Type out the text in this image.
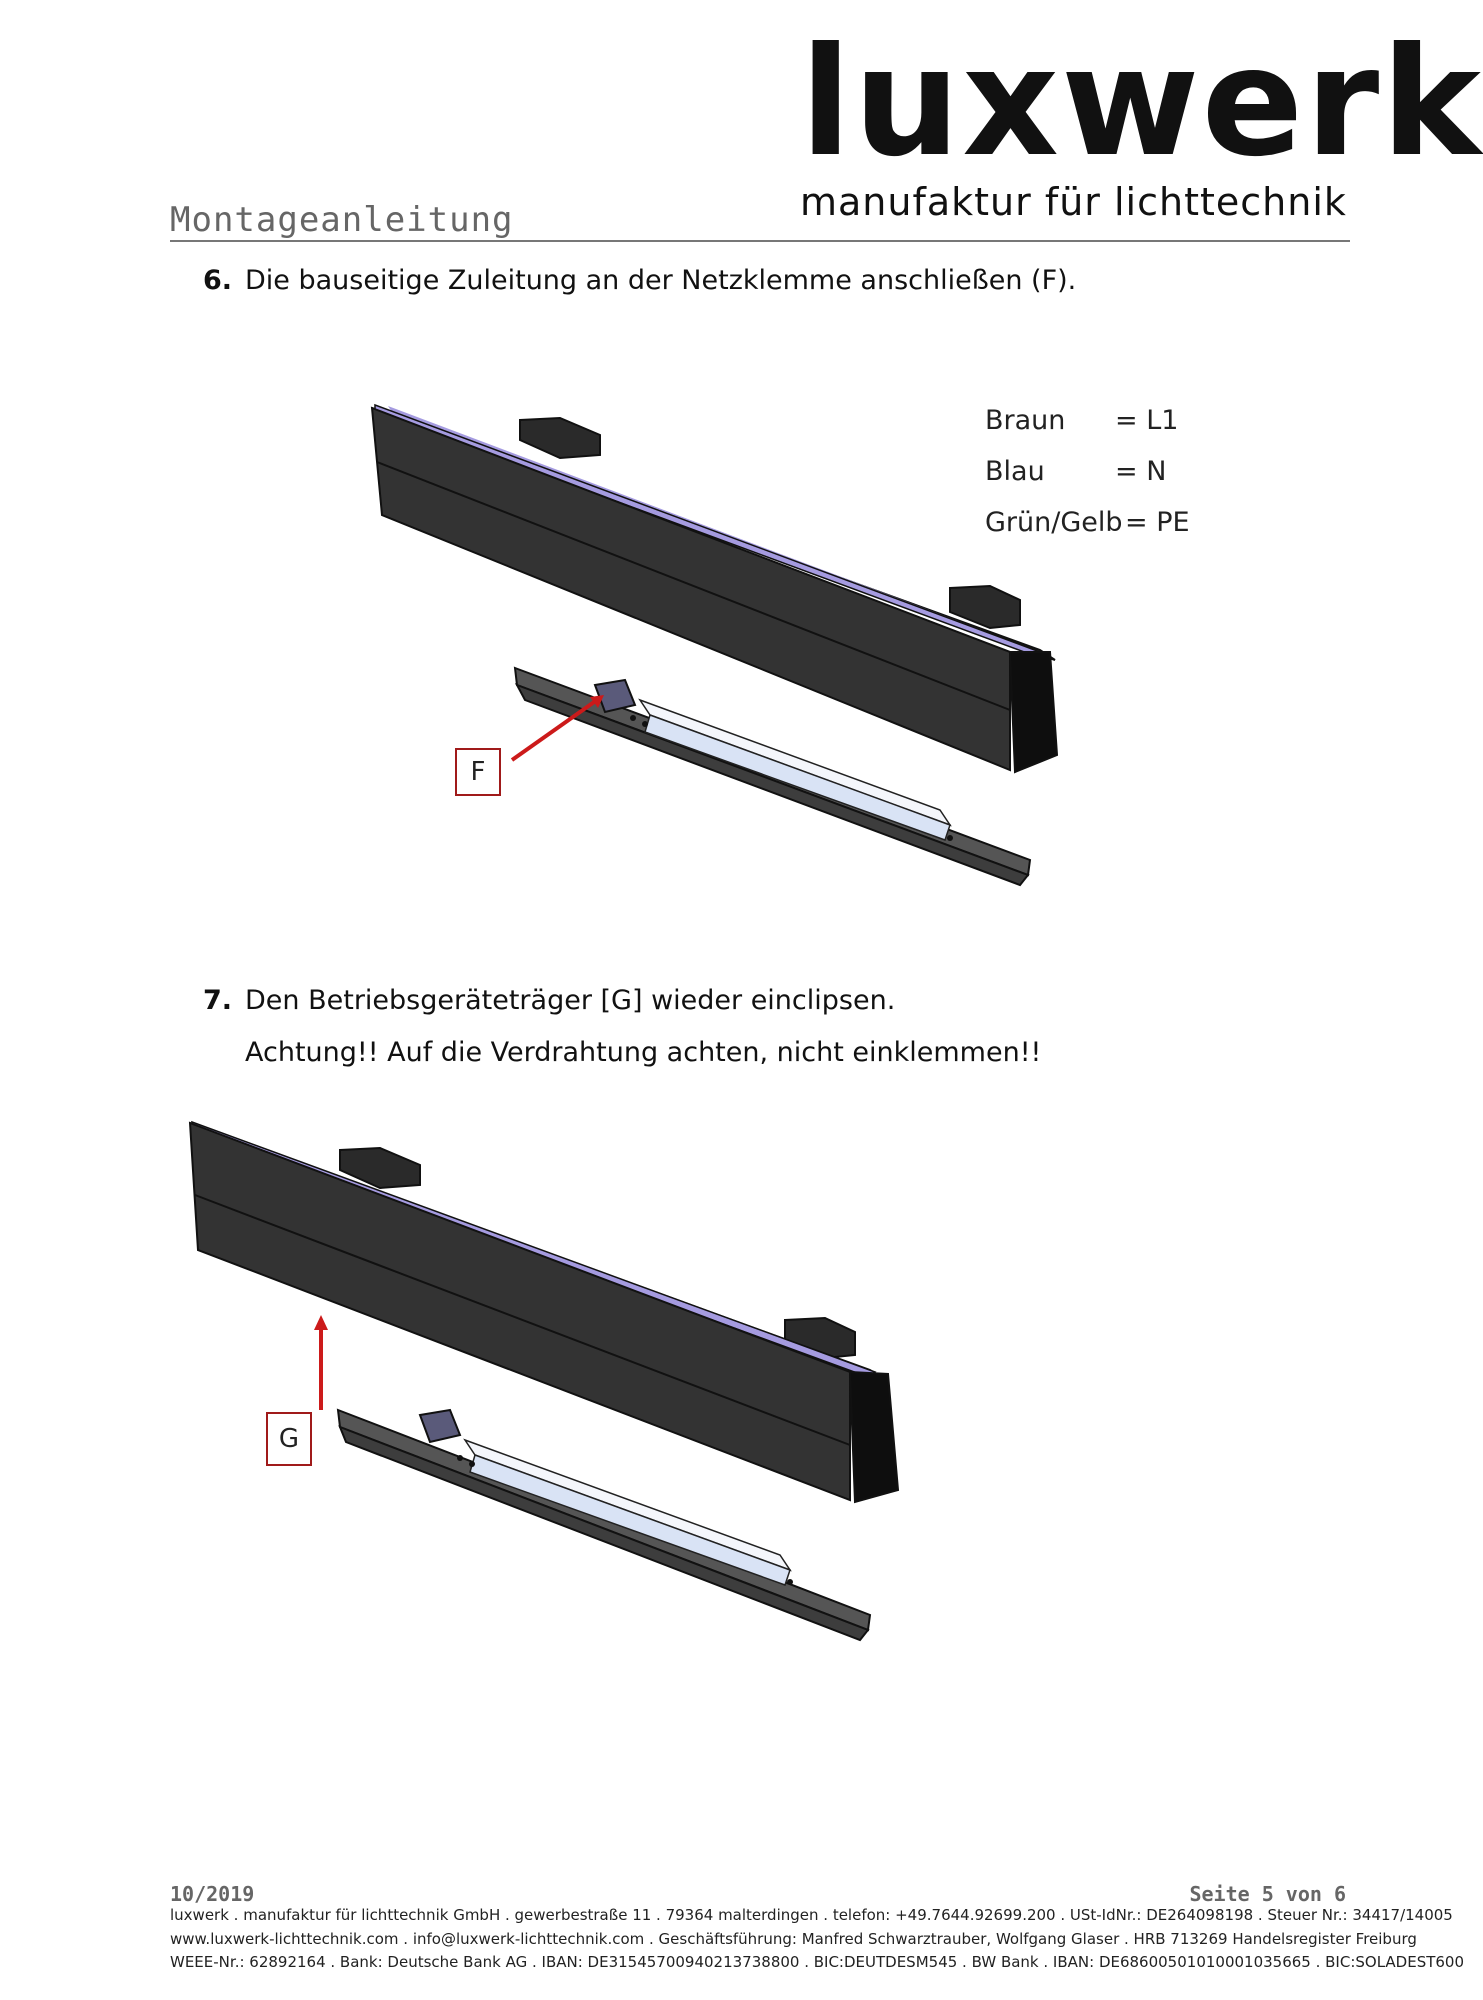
luxwerk
manufaktur für lichttechnik
Montageanleitung
6. Die bauseitige Zuleitung an der Netzklemme anschließen (F).
F
Braun	= L1
Blau	= N
Grün/Gelb = PE
7. Den Betriebsgeräteträger [G] wieder einclipsen.
Achtung!! Auf die Verdrahtung achten, nicht einklemmen!!
G
10/2019	Seite 5 von 6
luxwerk . manufaktur für lichttechnik GmbH . gewerbestraße 11 . 79364 malterdingen . telefon: +49.7644.92699.200 . USt-IdNr.: DE264098198 . Steuer Nr.: 34417/14005
www.luxwerk-lichttechnik.com . info@luxwerk-lichttechnik.com . Geschäftsführung: Manfred Schwarztrauber, Wolfgang Glaser . HRB 713269 Handelsregister Freiburg
WEEE-Nr.: 62892164 . Bank: Deutsche Bank AG . IBAN: DE31545700940213738800 . BIC:DEUTDESM545 . BW Bank . IBAN: DE68600501010001035665 . BIC:SOLADEST600
